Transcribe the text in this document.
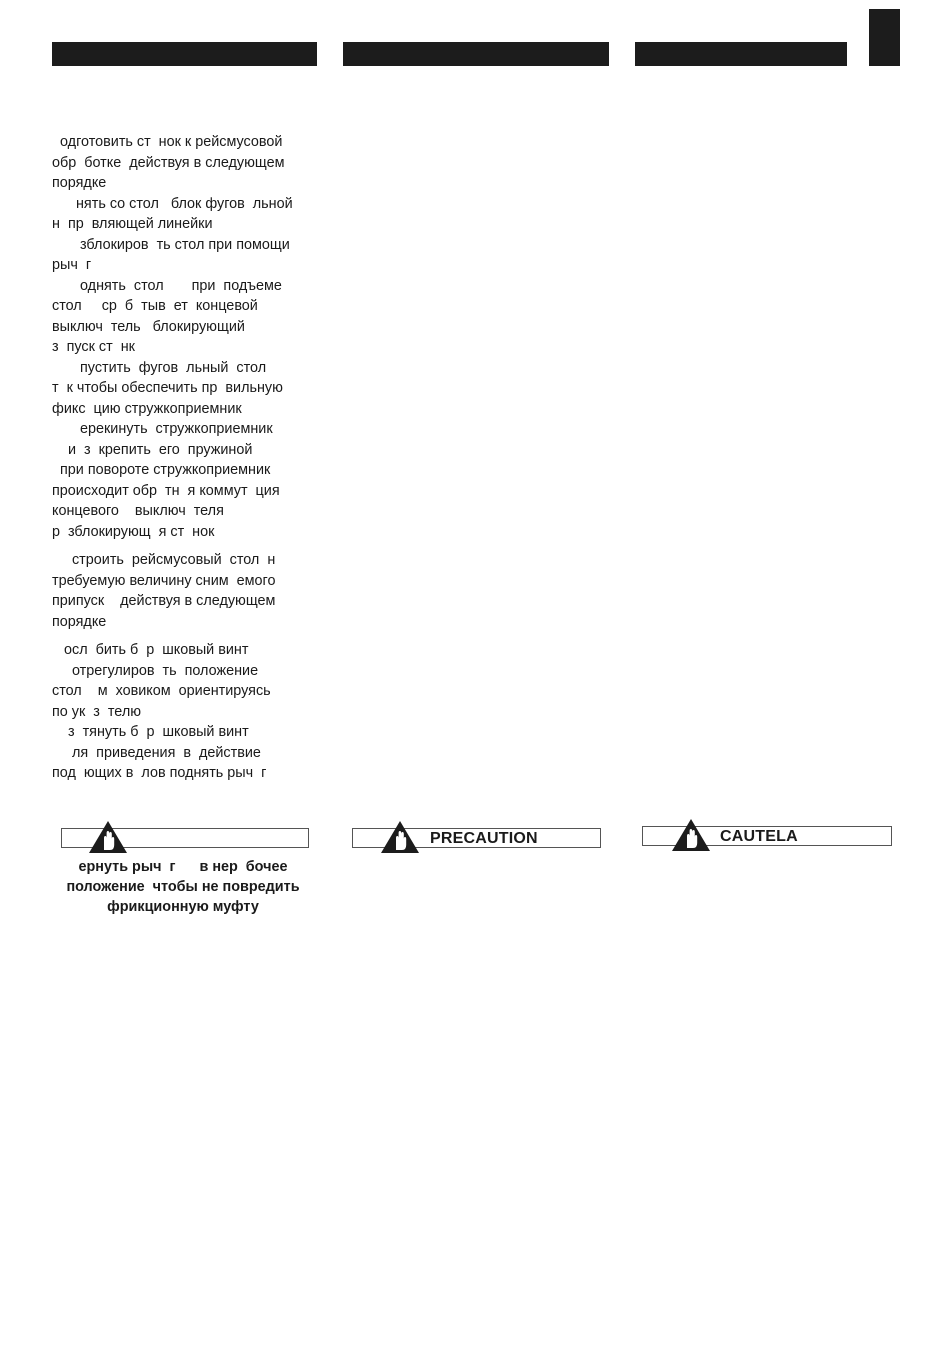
одготовить ст  нок к рейсмусовой
обр  ботке  действуя в следующем
порядке
нять со стол   блок фугов  льной
н  пр  вляющей линейки
зблокиров  ть стол при помощи
рыч  г
однять  стол       при  подъеме
стол     ср  б  тыв  ет  концевой
выключ  тель   блокирующий
з  пуск ст  нк
пустить  фугов  льный  стол
т  к чтобы обеспечить пр  вильную
фикс  цию стружкоприемник
ерекинуть  стружкоприемник
и  з  крепить  его  пружиной
при повороте стружкоприемник
происходит обр  тн  я коммут  ция
концевого    выключ  теля
р  зблокирующ  я ст  нок
строить  рейсмусовый  стол  н
требуемую величину сним  емого
припуск    действуя в следующем
порядке
осл  бить б  р  шковый винт
отрегулиров  ть  положение
стол    м  ховиком  ориентируясь
по ук  з  телю
з  тянуть б  р  шковый винт
ля  приведения  в  действие
под  ющих в  лов поднять рыч  г
PRECAUTION	CAUTELA
ернуть рыч  г      в нер  бочее
положение  чтобы не повредить
фрикционную муфту
